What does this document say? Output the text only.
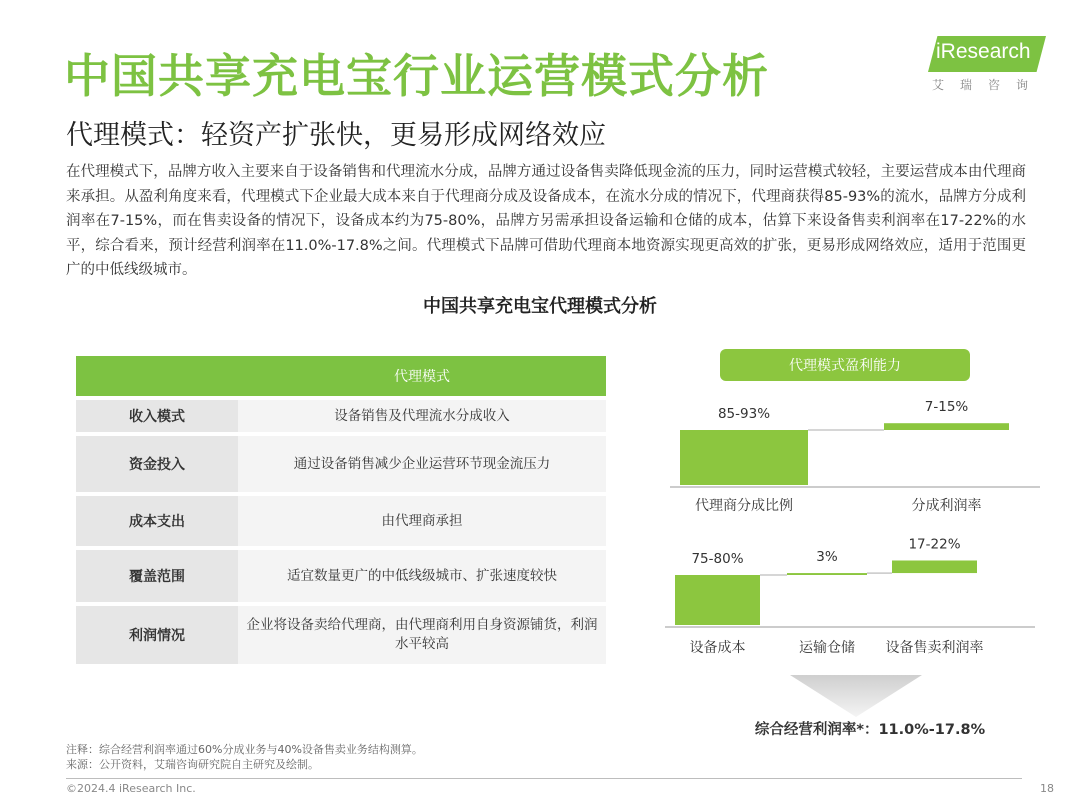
中国共享充电宝行业运营模式分析
代理模式：轻资产扩张快，更易形成网络效应
iResearch
艾瑞咨询
在代理模式下，品牌方收入主要来自于设备销售和代理流水分成，品牌方通过设备售卖降低现金流的压力，同时运营模式较轻，主要运营成本由代理商来承担。从盈利角度来看，代理模式下企业最大成本来自于代理商分成及设备成本，在流水分成的情况下，代理商获得85-93%的流水，品牌方分成利润率在7-15%，而在售卖设备的情况下，设备成本约为75-80%，品牌方另需承担设备运输和仓储的成本，估算下来设备售卖利润率在17-22%的水平，综合看来，预计经营利润率在11.0%-17.8%之间。代理模式下品牌可借助代理商本地资源实现更高效的扩张，更易形成网络效应，适用于范围更广的中低线级城市。
中国共享充电宝代理模式分析
	代理模式
收入模式	设备销售及代理流水分成收入
资金投入	通过设备销售减少企业运营环节现金流压力
成本支出	由代理商承担
覆盖范围	适宜数量更广的中低线级城市、扩张速度较快
利润情况	企业将设备卖给代理商，由代理商利用自身资源铺货，利润水平较高
代理模式盈利能力
85-93%
代理商分成比例
7-15%
分成利润率
75-80%
设备成本
3%
运输仓储
17-22%
设备售卖利润率
综合经营利润率*：11.0%-17.8%
注释：综合经营利润率通过60%分成业务与40%设备售卖业务结构测算。
来源：公开资料，艾瑞咨询研究院自主研究及绘制。
©2024.4 iResearch Inc.	18
